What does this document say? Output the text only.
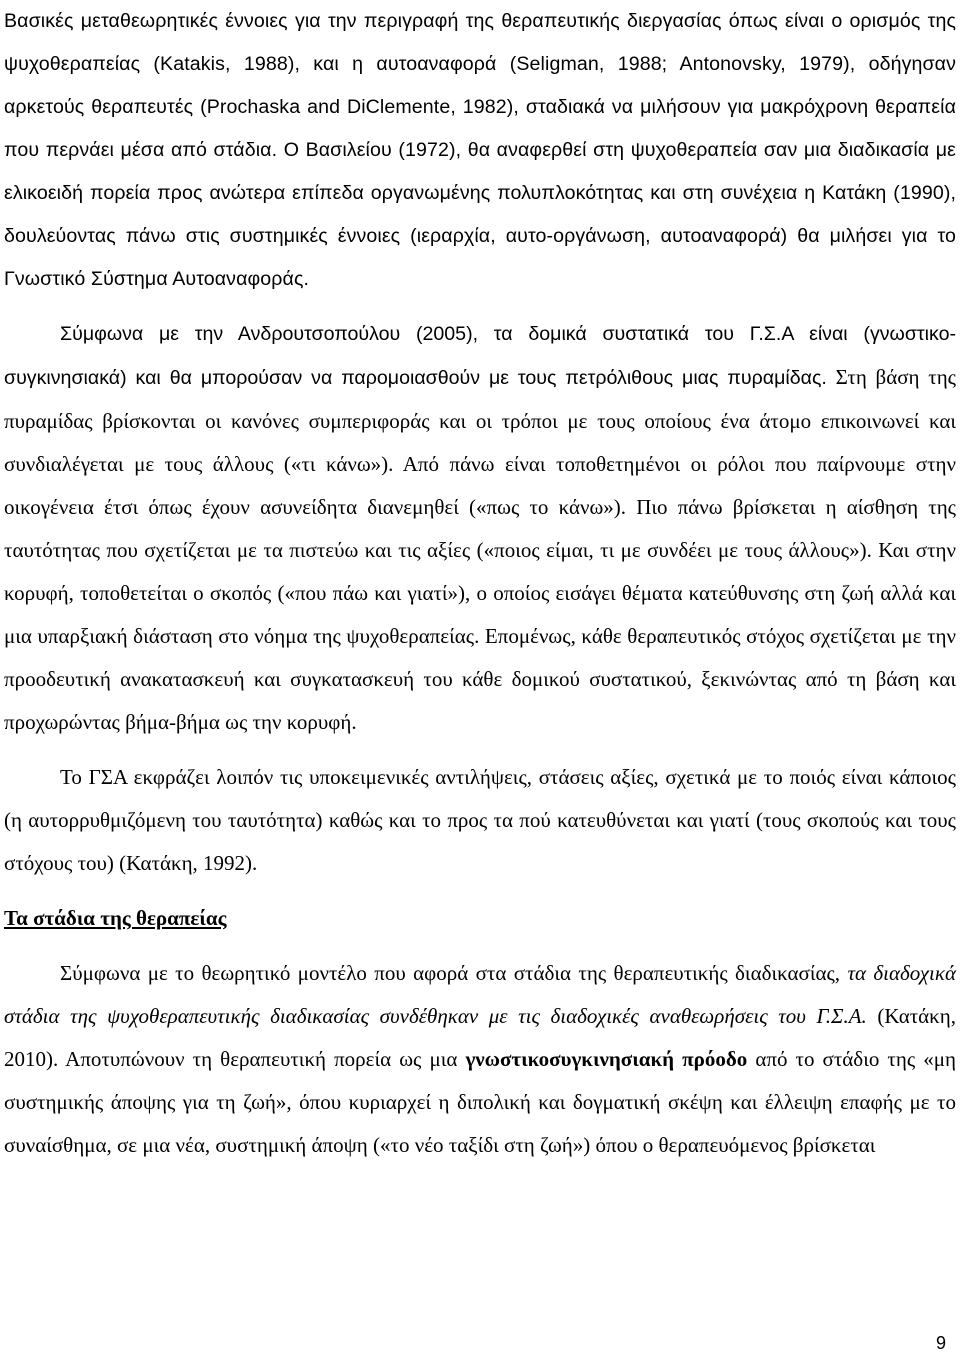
Βασικές μεταθεωρητικές έννοιες για την περιγραφή της θεραπευτικής διεργασίας όπως είναι ο ορισμός της ψυχοθεραπείας (Katakis, 1988), και η αυτοαναφορά (Seligman, 1988; Antonovsky, 1979), οδήγησαν αρκετούς θεραπευτές (Prochaska and DiClemente, 1982), σταδιακά να μιλήσουν για μακρόχρονη θεραπεία που περνάει μέσα από στάδια. Ο Βασιλείου (1972), θα αναφερθεί στη ψυχοθεραπεία σαν μια διαδικασία με ελικοειδή πορεία προς ανώτερα επίπεδα οργανωμένης πολυπλοκότητας και στη συνέχεια η Κατάκη (1990), δουλεύοντας πάνω στις συστημικές έννοιες (ιεραρχία, αυτο-οργάνωση, αυτοαναφορά) θα μιλήσει για το Γνωστικό Σύστημα Αυτοαναφοράς.

Σύμφωνα με την Ανδρουτσοπούλου (2005), τα δομικά συστατικά του Γ.Σ.Α είναι (γνωστικο-συγκινησιακά) και θα μπορούσαν να παρομοιασθούν με τους πετρόλιθους μιας πυραμίδας. Στη βάση της πυραμίδας βρίσκονται οι κανόνες συμπεριφοράς και οι τρόποι με τους οποίους ένα άτομο επικοινωνεί και συνδιαλέγεται με τους άλλους («τι κάνω»). Από πάνω είναι τοποθετημένοι οι ρόλοι που παίρνουμε στην οικογένεια έτσι όπως έχουν ασυνείδητα διανεμηθεί («πως το κάνω»). Πιο πάνω βρίσκεται η αίσθηση της ταυτότητας που σχετίζεται με τα πιστεύω και τις αξίες («ποιος είμαι, τι με συνδέει με τους άλλους»). Και στην κορυφή, τοποθετείται ο σκοπός («που πάω και γιατί»), ο οποίος εισάγει θέματα κατεύθυνσης στη ζωή αλλά και μια υπαρξιακή διάσταση στο νόημα της ψυχοθεραπείας. Επομένως, κάθε θεραπευτικός στόχος σχετίζεται με την προοδευτική ανακατασκευή και συγκατασκευή του κάθε δομικού συστατικού, ξεκινώντας από τη βάση και προχωρώντας βήμα-βήμα ως την κορυφή.

Το ΓΣΑ εκφράζει λοιπόν τις υποκειμενικές αντιλήψεις, στάσεις αξίες, σχετικά με το ποιός είναι κάποιος (η αυτορρυθμιζόμενη του ταυτότητα) καθώς και το προς τα πού κατευθύνεται και γιατί (τους σκοπούς και τους στόχους του) (Κατάκη, 1992).

Τα στάδια της θεραπείας

Σύμφωνα με το θεωρητικό μοντέλο που αφορά στα στάδια της θεραπευτικής διαδικασίας, τα διαδοχικά στάδια της ψυχοθεραπευτικής διαδικασίας συνδέθηκαν με τις διαδοχικές αναθεωρήσεις του Γ.Σ.Α. (Κατάκη, 2010). Αποτυπώνουν τη θεραπευτική πορεία ως μια γνωστικοσυγκινησιακή πρόοδο από το στάδιο της «μη συστημικής άποψης για τη ζωή», όπου κυριαρχεί η διπολική και δογματική σκέψη και έλλειψη επαφής με το συναίσθημα, σε μια νέα, συστημική άποψη («το νέο ταξίδι στη ζωή») όπου ο θεραπευόμενος βρίσκεται

9
